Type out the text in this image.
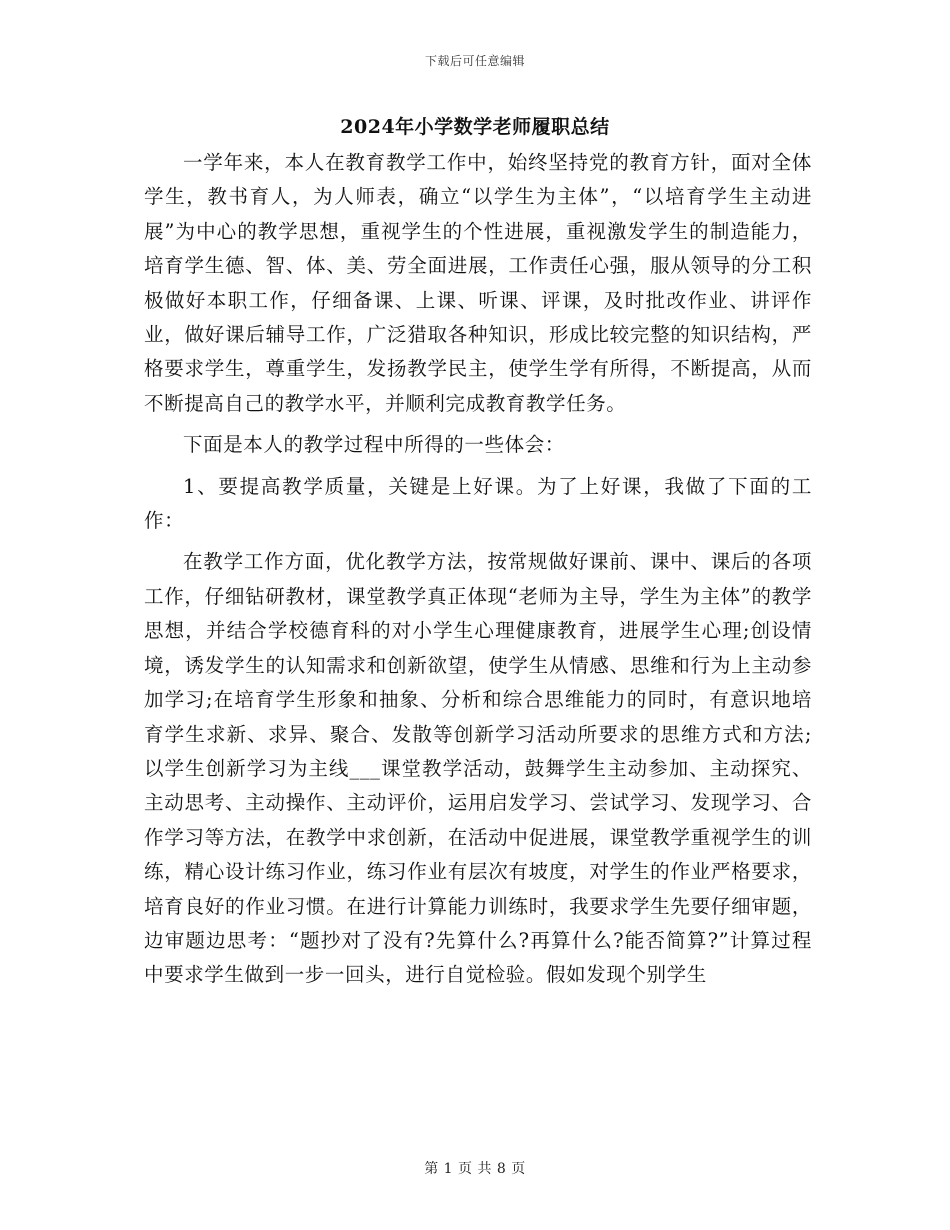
下载后可任意编辑
2024年小学数学老师履职总结

一学年来，本人在教育教学工作中，始终坚持党的教育方针，面对全体学生，教书育人，为人师表，确立“以学生为主体”，“以培育学生主动进展”为中心的教学思想，重视学生的个性进展，重视激发学生的制造能力，培育学生德、智、体、美、劳全面进展，工作责任心强，服从领导的分工积极做好本职工作，仔细备课、上课、听课、评课，及时批改作业、讲评作业，做好课后辅导工作，广泛猎取各种知识，形成比较完整的知识结构，严格要求学生，尊重学生，发扬教学民主，使学生学有所得，不断提高，从而不断提高自己的教学水平，并顺利完成教育教学任务。

下面是本人的教学过程中所得的一些体会：

1、要提高教学质量，关键是上好课。为了上好课，我做了下面的工作：

在教学工作方面，优化教学方法，按常规做好课前、课中、课后的各项工作，仔细钻研教材，课堂教学真正体现“老师为主导，学生为主体”的教学思想，并结合学校德育科的对小学生心理健康教育，进展学生心理;创设情境，诱发学生的认知需求和创新欲望，使学生从情感、思维和行为上主动参加学习;在培育学生形象和抽象、分析和综合思维能力的同时，有意识地培育学生求新、求异、聚合、发散等创新学习活动所要求的思维方式和方法;以学生创新学习为主线___课堂教学活动，鼓舞学生主动参加、主动探究、主动思考、主动操作、主动评价，运用启发学习、尝试学习、发现学习、合作学习等方法，在教学中求创新，在活动中促进展，课堂教学重视学生的训练，精心设计练习作业，练习作业有层次有坡度，对学生的作业严格要求，培育良好的作业习惯。在进行计算能力训练时，我要求学生先要仔细审题，边审题边思考：“题抄对了没有?先算什么?再算什么?能否简算?”计算过程中要求学生做到一步一回头，进行自觉检验。假如发现个别学生

第 1 页 共 8 页
